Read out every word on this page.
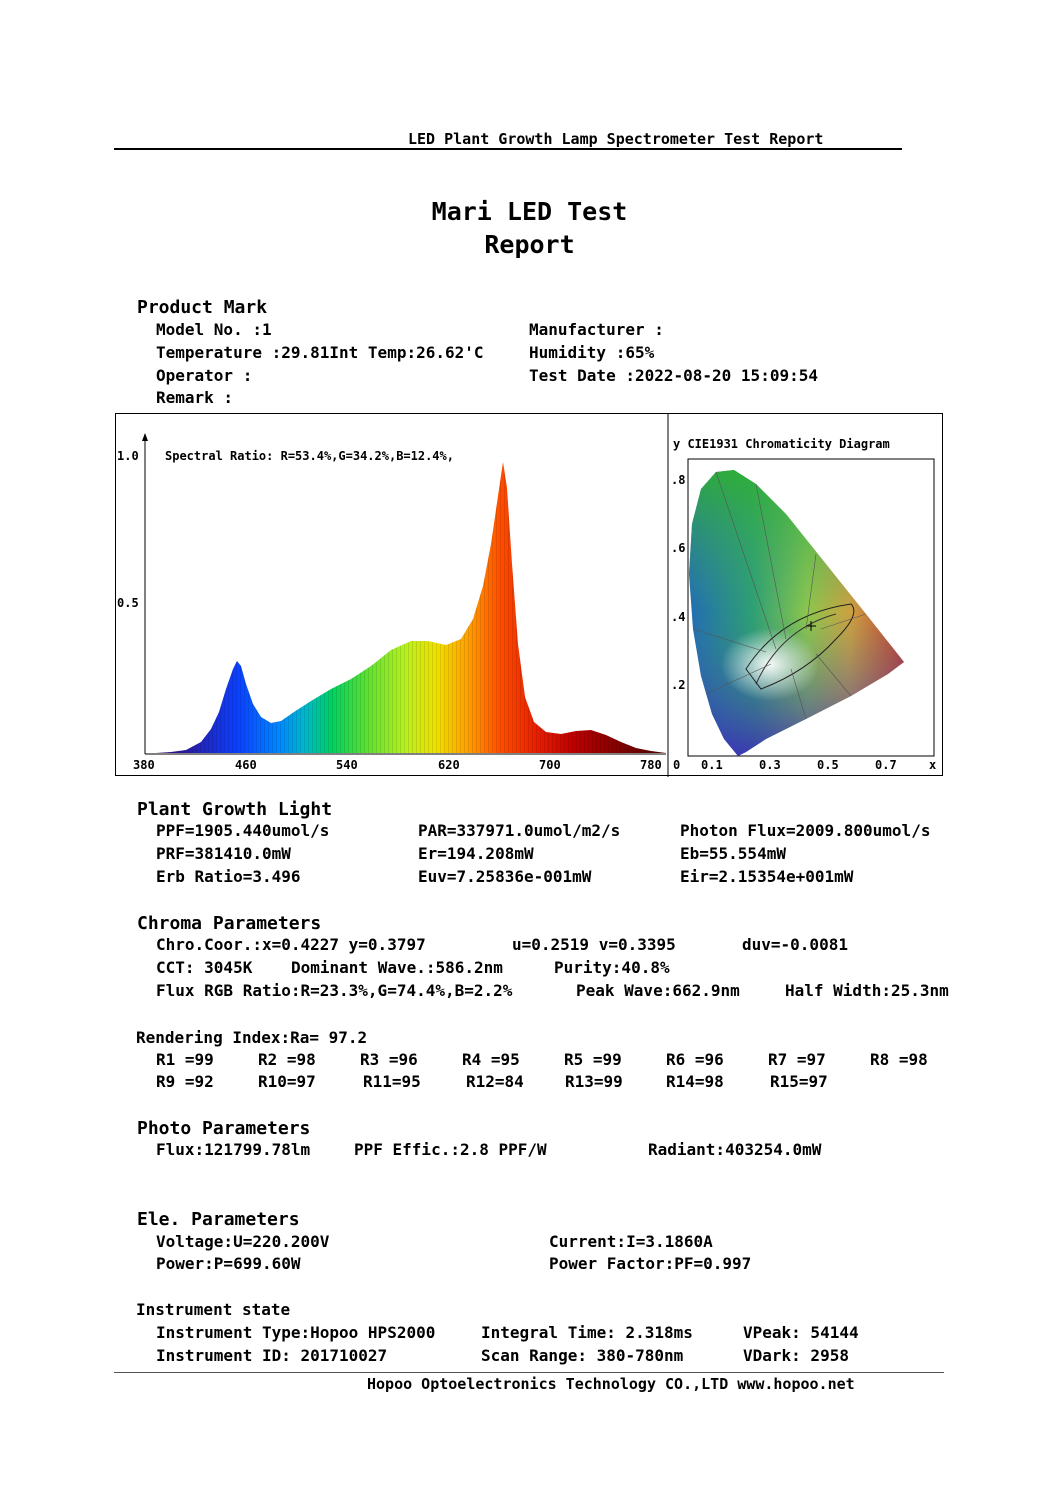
LED Plant Growth Lamp Spectrometer Test Report
Mari LED Test
Report
Product Mark
Model No. :1	Manufacturer :
Temperature :29.81Int Temp:26.62'C	Humidity :65%
Operator :	Test Date :2022-08-20 15:09:54
Remark :
1.0
0.5
Spectral Ratio: R=53.4%,G=34.2%,B=12.4%,
380	460	540	620	700	780
y CIE1931 Chromaticity Diagram
.8
.6
.4
.2
0 0.1	0.3	0.5	0.7	x
Plant Growth Light
PPF=1905.440umol/s	PAR=337971.0umol/m2/s	Photon Flux=2009.800umol/s
PRF=381410.0mW	Er=194.208mW	Eb=55.554mW
Erb Ratio=3.496	Euv=7.25836e-001mW	Eir=2.15354e+001mW
Chroma Parameters
Chro.Coor.:x=0.4227 y=0.3797	u=0.2519 v=0.3395	duv=-0.0081
CCT: 3045K Dominant Wave.:586.2nm	Purity:40.8%
Flux RGB Ratio:R=23.3%,G=74.4%,B=2.2%	Peak Wave:662.9nm	Half Width:25.3nm
Rendering Index:Ra= 97.2
R1 =99	R2 =98	R3 =96	R4 =95	R5 =99	R6 =96	R7 =97	R8 =98
R9 =92	R10=97	R11=95	R12=84	R13=99	R14=98	R15=97
Photo Parameters
Flux:121799.78lm	PPF Effic.:2.8 PPF/W	Radiant:403254.0mW
Ele. Parameters
Voltage:U=220.200V	Current:I=3.1860A
Power:P=699.60W	Power Factor:PF=0.997
Instrument state
Instrument Type:Hopoo HPS2000	Integral Time: 2.318ms	VPeak: 54144
Instrument ID: 201710027	Scan Range: 380-780nm	VDark: 2958
Hopoo Optoelectronics Technology CO.,LTD www.hopoo.net
